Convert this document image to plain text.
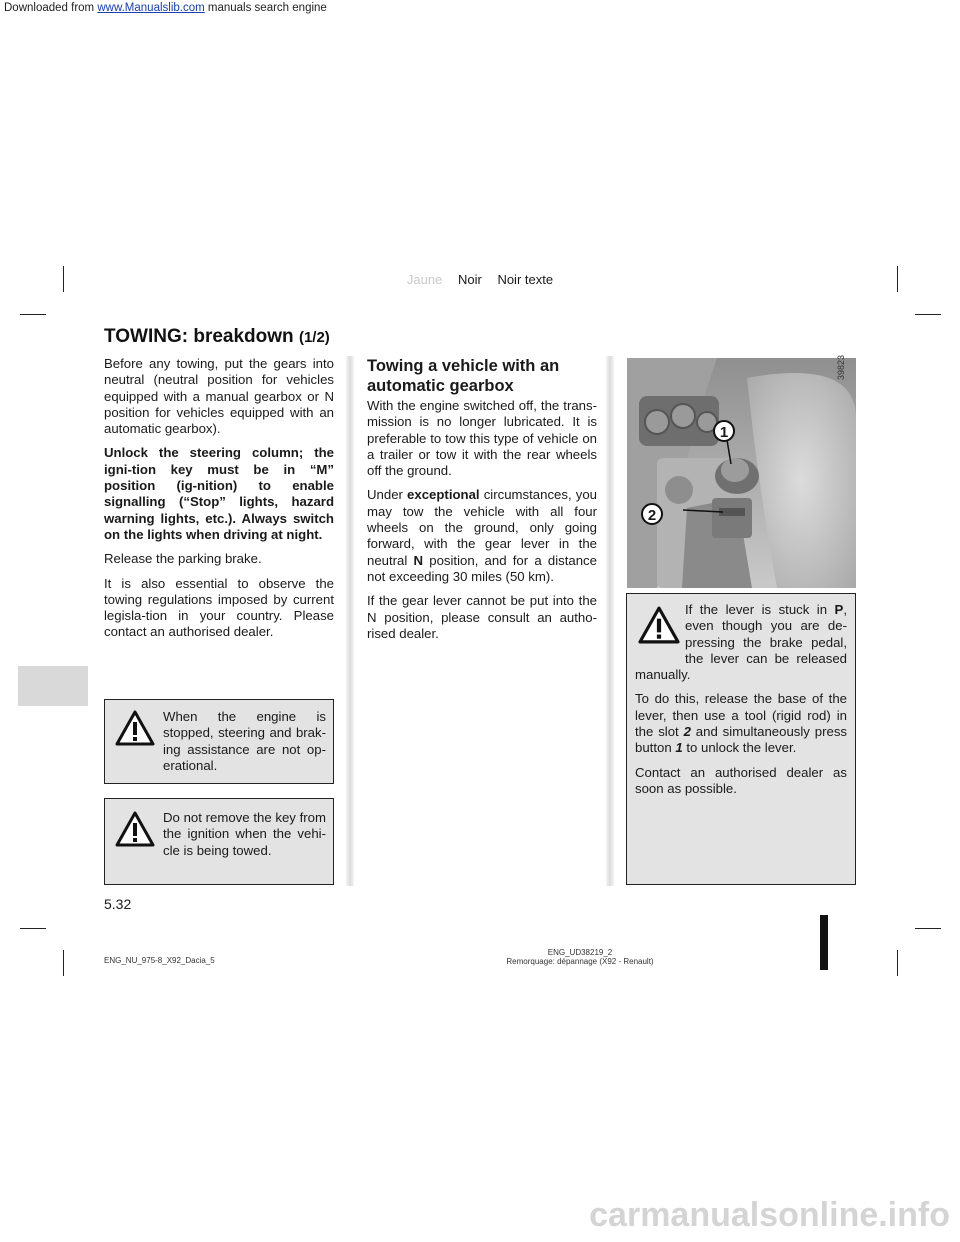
Downloaded from www.Manualslib.com manuals search engine
Jaune Noir Noir texte
TOWING: breakdown (1/2)

Before any towing, put the gears into neutral (neutral position for vehicles equipped with a manual gearbox or N position for vehicles equipped with an automatic gearbox).

Unlock the steering column; the igni-tion key must be in “M” position (ig-nition) to enable signalling (“Stop” lights, hazard warning lights, etc.). Always switch on the lights when driving at night.

Release the parking brake.

It is also essential to observe the towing regulations imposed by current legisla-tion in your country. Please contact an authorised dealer.

When the engine is stopped, steering and brak-ing assistance are not op-erational.
Do not remove the key from the ignition when the vehi-cle is being towed.
Towing a vehicle with an automatic gearbox

With the engine switched off, the trans-mission is no longer lubricated. It is preferable to tow this type of vehicle on a trailer or tow it with the rear wheels off the ground.

Under exceptional circumstances, you may tow the vehicle with all four wheels on the ground, only going forward, with the gear lever in the neutral N position, and for a distance not exceeding 30 miles (50 km).

If the gear lever cannot be put into the N position, please consult an autho-rised dealer.

1
2
39823

If the lever is stuck in P, even though you are de-pressing the brake pedal, the lever can be released manually.

To do this, release the base of the lever, then use a tool (rigid rod) in the slot 2 and simultaneously press button 1 to unlock the lever.

Contact an authorised dealer as soon as possible.

5.32
ENG_NU_975-8_X92_Dacia_5
ENG_UD38219_2
Remorquage: dépannage (X92 - Renault)
carmanualsonline.info
